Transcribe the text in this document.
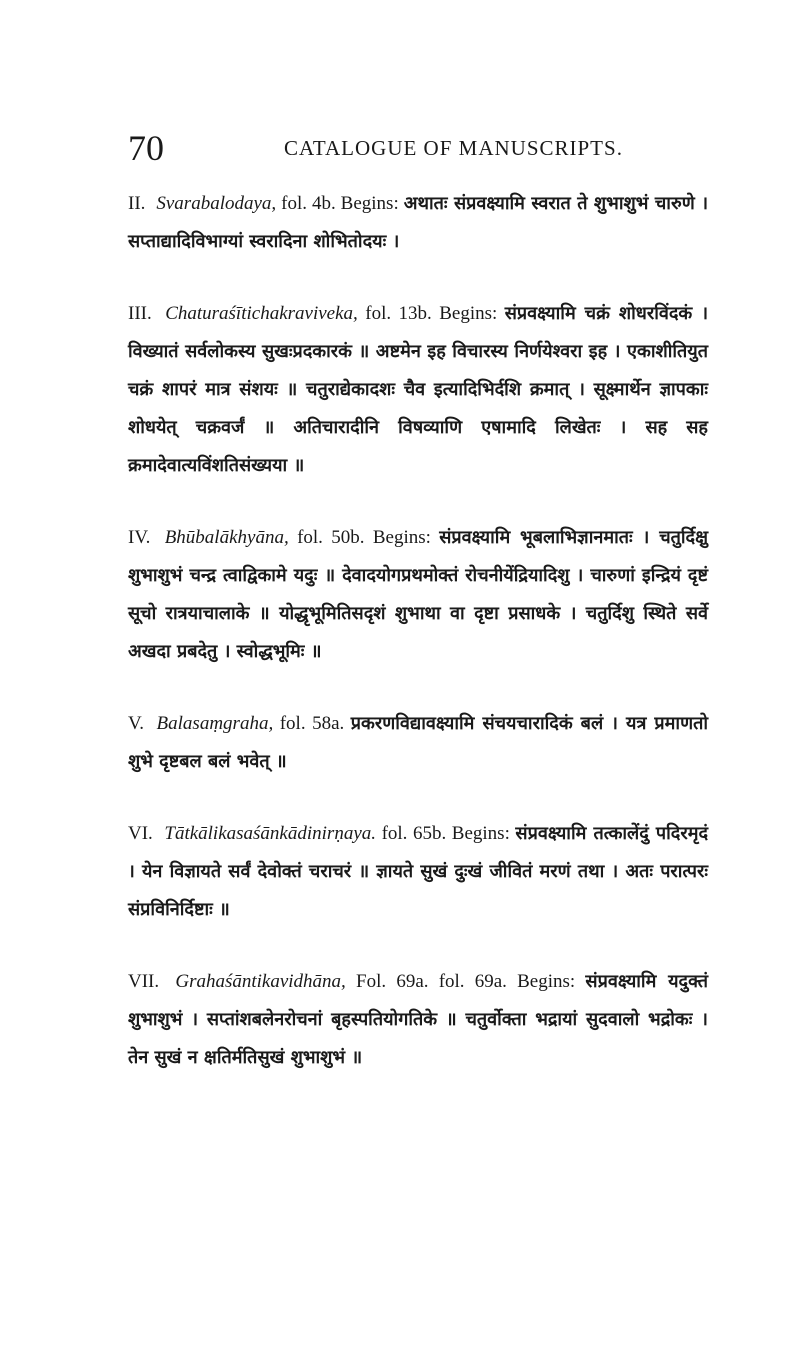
70	CATALOGUE OF MANUSCRIPTS.

II. Svarabalodaya, fol. 4b. Begins: अथातः संप्रवक्ष्यामि स्वरात ते शुभाशुभं चारुणे । सप्ताद्यादिविभाग्यां स्वरादिना शोभितोदयः ।

III. Chaturaśītichakraviveka, fol. 13b. Begins: संप्रवक्ष्यामि चक्रं शोधरविंदकं । विख्यातं सर्वलोकस्य सुखःप्रदकारकं ॥ अष्टमेन इह विचारस्य निर्णयेश्वरा इह । एकाशीतियुत चक्रं शापरं मात्र संशयः ॥ चतुराद्येकादशः चैव इत्यादिभिर्दशि क्रमात् । सूक्ष्मार्थेन ज्ञापकाः शोधयेत् चक्रवर्जं ॥ अतिचारादीनि विषव्याणि एषामादि लिखेतः । सह सह क्रमादेवात्यविंशतिसंख्यया ॥

IV. Bhūbalākhyāna, fol. 50b. Begins: संप्रवक्ष्यामि भूबलाभिज्ञानमातः । चतुर्दिक्षु शुभाशुभं चन्द्र त्वाद्विकामे यदुः ॥ देवादयोगप्रथमोक्तं रोचनीयेंद्रियादिशु । चारुणां इन्द्रियं दृष्टं सूचो रात्रयाचालाके ॥ योद्धृभूमितिसदृशं शुभाथा वा दृष्टा प्रसाधके । चतुर्दिशु स्थिते सर्वे अखदा प्रबदेतु । स्वोद्धभूमिः ॥

V. Balasaṃgraha, fol. 58a. प्रकरणविद्यावक्ष्यामि संचयचारादिकं बलं । यत्र प्रमाणतो शुभे दृष्टबल बलं भवेत् ॥

VI. Tātkālikasaśānkādinirṇaya. fol. 65b. Begins: संप्रवक्ष्यामि तत्कालेंदुं पदिरमृदं । येन विज्ञायते सर्वं देवोक्तं चराचरं ॥ ज्ञायते सुखं दुःखं जीवितं मरणं तथा । अतः परात्परः संप्रविनिर्दिष्टाः ॥

VII. Grahaśāntikavidhāna, Fol. 69a. fol. 69a. Begins: संप्रवक्ष्यामि यदुक्तं शुभाशुभं । सप्तांशबलेनरोचनां बृहस्पतियोगतिके ॥ चतुर्वोक्ता भद्रायां सुदवालो भद्रोकः । तेन सुखं न क्षतिर्मतिसुखं शुभाशुभं ॥
